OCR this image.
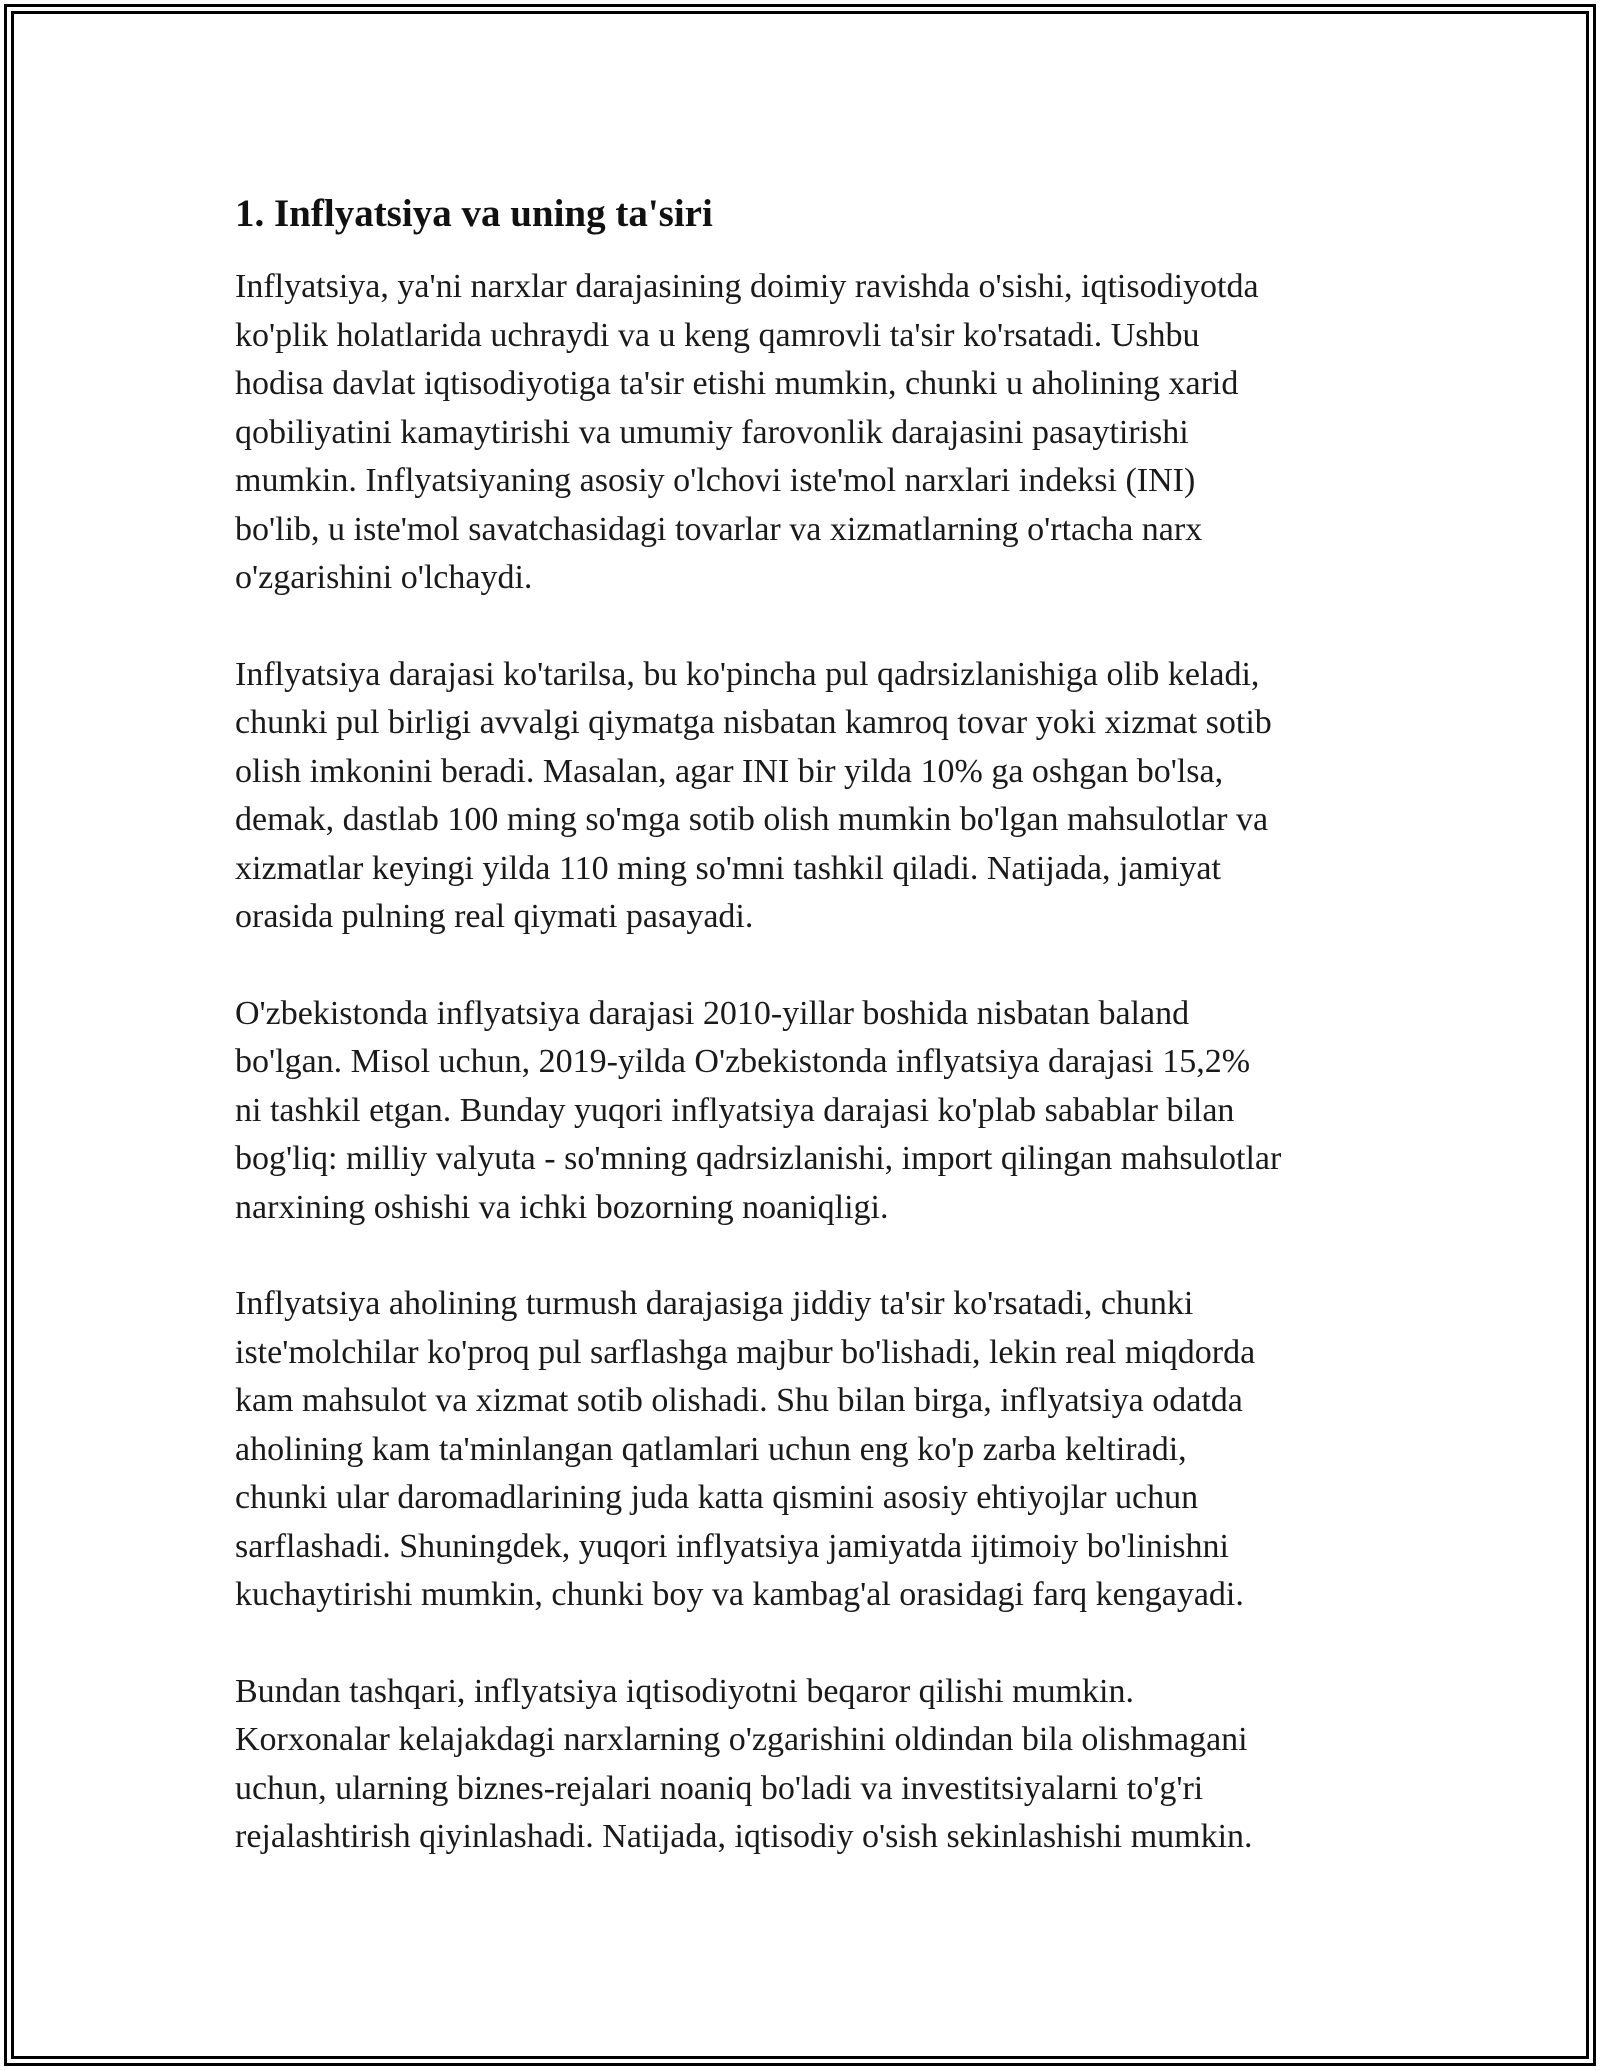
1. Inflyatsiya va uning ta'siri

Inflyatsiya, ya'ni narxlar darajasining doimiy ravishda o'sishi, iqtisodiyotda
ko'plik holatlarida uchraydi va u keng qamrovli ta'sir ko'rsatadi. Ushbu
hodisa davlat iqtisodiyotiga ta'sir etishi mumkin, chunki u aholining xarid
qobiliyatini kamaytirishi va umumiy farovonlik darajasini pasaytirishi
mumkin. Inflyatsiyaning asosiy o'lchovi iste'mol narxlari indeksi (INI)
bo'lib, u iste'mol savatchasidagi tovarlar va xizmatlarning o'rtacha narx
o'zgarishini o'lchaydi.

Inflyatsiya darajasi ko'tarilsa, bu ko'pincha pul qadrsizlanishiga olib keladi,
chunki pul birligi avvalgi qiymatga nisbatan kamroq tovar yoki xizmat sotib
olish imkonini beradi. Masalan, agar INI bir yilda 10% ga oshgan bo'lsa,
demak, dastlab 100 ming so'mga sotib olish mumkin bo'lgan mahsulotlar va
xizmatlar keyingi yilda 110 ming so'mni tashkil qiladi. Natijada, jamiyat
orasida pulning real qiymati pasayadi.

O'zbekistonda inflyatsiya darajasi 2010-yillar boshida nisbatan baland
bo'lgan. Misol uchun, 2019-yilda O'zbekistonda inflyatsiya darajasi 15,2%
ni tashkil etgan. Bunday yuqori inflyatsiya darajasi ko'plab sabablar bilan
bog'liq: milliy valyuta - so'mning qadrsizlanishi, import qilingan mahsulotlar
narxining oshishi va ichki bozorning noaniqligi.

Inflyatsiya aholining turmush darajasiga jiddiy ta'sir ko'rsatadi, chunki
iste'molchilar ko'proq pul sarflashga majbur bo'lishadi, lekin real miqdorda
kam mahsulot va xizmat sotib olishadi. Shu bilan birga, inflyatsiya odatda
aholining kam ta'minlangan qatlamlari uchun eng ko'p zarba keltiradi,
chunki ular daromadlarining juda katta qismini asosiy ehtiyojlar uchun
sarflashadi. Shuningdek, yuqori inflyatsiya jamiyatda ijtimoiy bo'linishni
kuchaytirishi mumkin, chunki boy va kambag'al orasidagi farq kengayadi.

Bundan tashqari, inflyatsiya iqtisodiyotni beqaror qilishi mumkin.
Korxonalar kelajakdagi narxlarning o'zgarishini oldindan bila olishmagani
uchun, ularning biznes-rejalari noaniq bo'ladi va investitsiyalarni to'g'ri
rejalashtirish qiyinlashadi. Natijada, iqtisodiy o'sish sekinlashishi mumkin.
